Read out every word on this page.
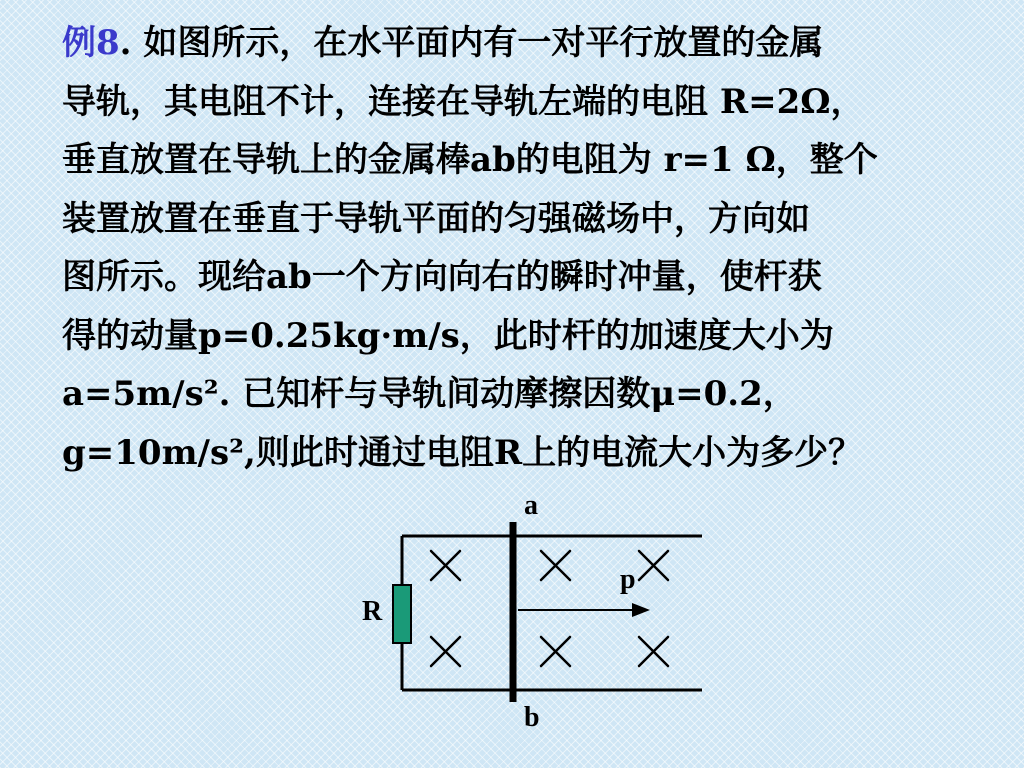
例8. 如图所示，在水平面内有一对平行放置的金属
导轨，其电阻不计，连接在导轨左端的电阻 R=2Ω，
垂直放置在导轨上的金属棒ab的电阻为 r=1 Ω，整个
装置放置在垂直于导轨平面的匀强磁场中，方向如
图所示。现给ab一个方向向右的瞬时冲量，使杆获
得的动量p=0.25kg·m/s，此时杆的加速度大小为
a=5m/s². 已知杆与导轨间动摩擦因数μ=0.2，
g=10m/s²,则此时通过电阻R上的电流大小为多少？
a
b
R
p
